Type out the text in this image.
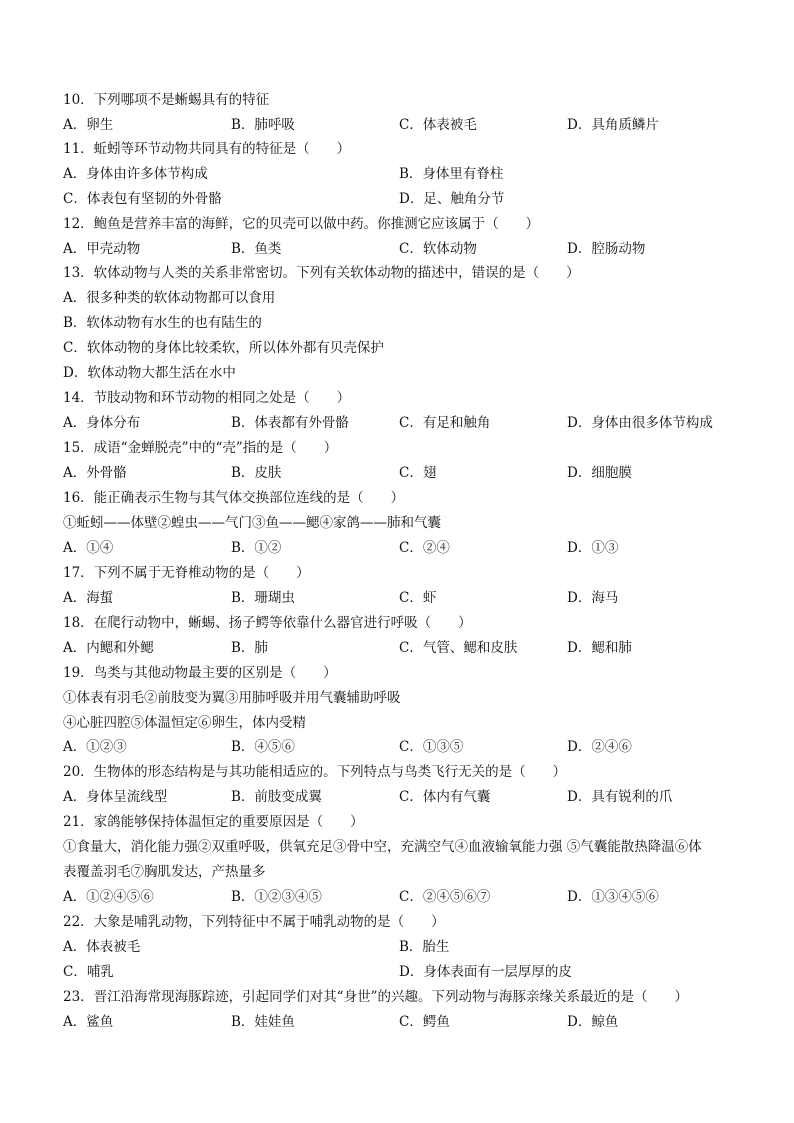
10．下列哪项不是蜥蜴具有的特征
A．卵生	B．肺呼吸	C．体表被毛	D．具角质鳞片
11．蚯蚓等环节动物共同具有的特征是（　　）
A．身体由许多体节构成	B．身体里有脊柱
C．体表包有坚韧的外骨骼	D．足、触角分节
12．鲍鱼是营养丰富的海鲜，它的贝壳可以做中药。你推测它应该属于（　　）
A．甲壳动物	B．鱼类	C．软体动物	D．腔肠动物
13．软体动物与人类的关系非常密切。下列有关软体动物的描述中，错误的是（　　）
A．很多种类的软体动物都可以食用
B．软体动物有水生的也有陆生的
C．软体动物的身体比较柔软，所以体外都有贝壳保护
D．软体动物大都生活在水中
14．节肢动物和环节动物的相同之处是（　　）
A．身体分布	B．体表都有外骨骼	C．有足和触角	D．身体由很多体节构成
15．成语“金蝉脱壳”中的“壳”指的是（　　）
A．外骨骼	B．皮肤	C．翅	D．细胞膜
16．能正确表示生物与其气体交换部位连线的是（　　）
①蚯蚓——体壁②蝗虫——气门③鱼——鳃④家鸽——肺和气囊
A．①④	B．①②	C．②④	D．①③
17．下列不属于无脊椎动物的是（　　）
A．海蜇	B．珊瑚虫	C．虾	D．海马
18．在爬行动物中，蜥蜴、扬子鳄等依靠什么器官进行呼吸（　　）
A．内鳃和外鳃	B．肺	C．气管、鳃和皮肤	D．鳃和肺
19．鸟类与其他动物最主要的区别是（　　）
①体表有羽毛②前肢变为翼③用肺呼吸并用气囊辅助呼吸
④心脏四腔⑤体温恒定⑥卵生，体内受精
A．①②③	B．④⑤⑥	C．①③⑤	D．②④⑥
20．生物体的形态结构是与其功能相适应的。下列特点与鸟类飞行无关的是（　　）
A．身体呈流线型	B．前肢变成翼	C．体内有气囊	D．具有锐利的爪
21．家鸽能够保持体温恒定的重要原因是（　　）
①食量大，消化能力强②双重呼吸，供氧充足③骨中空，充满空气④血液输氧能力强 ⑤气囊能散热降温⑥体
表覆盖羽毛⑦胸肌发达，产热量多
A．①②④⑤⑥	B．①②③④⑤	C．②④⑤⑥⑦	D．①③④⑤⑥
22．大象是哺乳动物，下列特征中不属于哺乳动物的是（　　）
A．体表被毛	B．胎生
C．哺乳	D．身体表面有一层厚厚的皮
23．晋江沿海常现海豚踪迹，引起同学们对其“身世”的兴趣。下列动物与海豚亲缘关系最近的是（　　）
A．鲨鱼	B．娃娃鱼	C．鳄鱼	D．鲸鱼
